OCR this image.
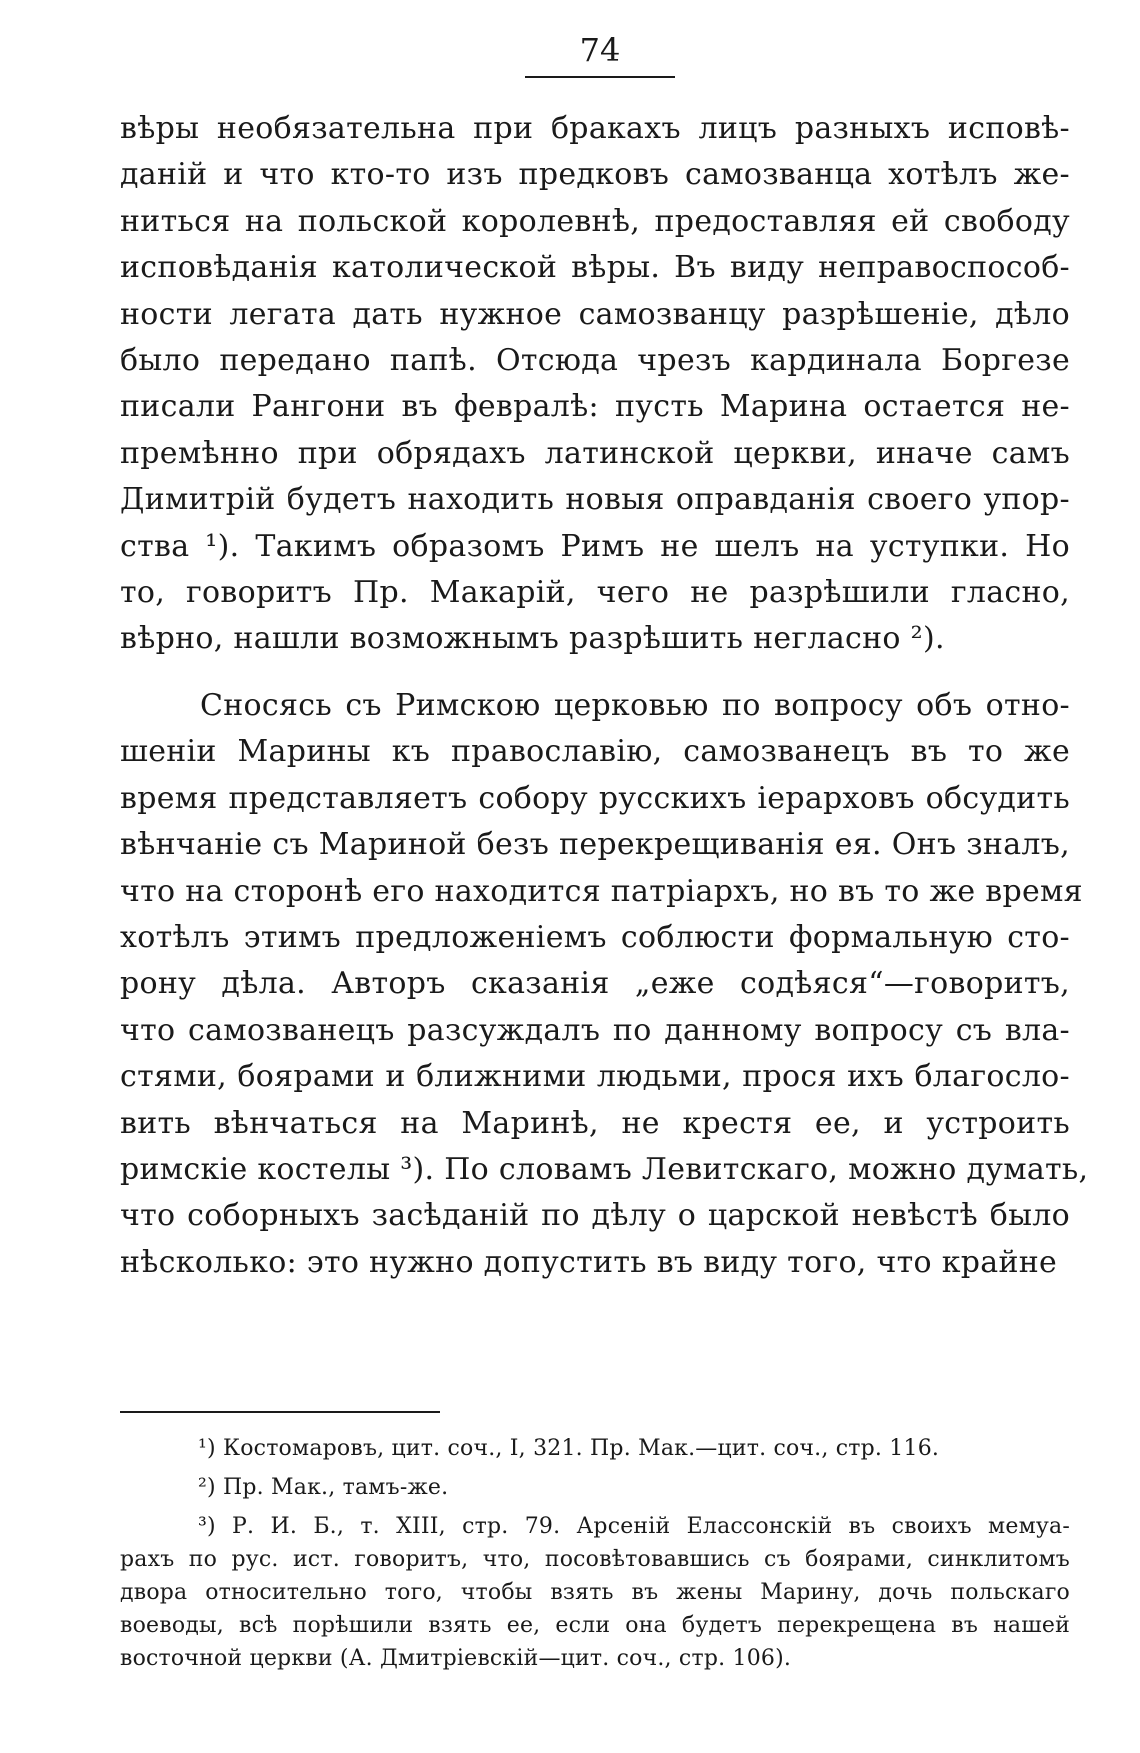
74

вѣры необязательна при бракахъ лицъ разныхъ исповѣ-
даній и что кто-то изъ предковъ самозванца хотѣлъ же-
ниться на польской королевнѣ, предоставляя ей свободу
исповѣданія католической вѣры. Въ виду неправоспособ-
ности легата дать нужное самозванцу разрѣшеніе, дѣло
было передано папѣ. Отсюда чрезъ кардинала Боргезе
писали Рангони въ февралѣ: пусть Марина остается не-
премѣнно при обрядахъ латинской церкви, иначе самъ
Димитрій будетъ находить новыя оправданія своего упор-
ства ¹). Такимъ образомъ Римъ не шелъ на уступки. Но
то, говоритъ Пр. Макарій, чего не разрѣшили гласно,
вѣрно, нашли возможнымъ разрѣшить негласно ²).

Сносясь съ Римскою церковью по вопросу объ отно-
шеніи Марины къ православію, самозванецъ въ то же
время представляетъ собору русскихъ іерарховъ обсудить
вѣнчаніе съ Мариной безъ перекрещиванія ея. Онъ зналъ,
что на сторонѣ его находится патріархъ, но въ то же время
хотѣлъ этимъ предложеніемъ соблюсти формальную сто-
рону дѣла. Авторъ сказанія „еже содѣяся“—говоритъ,
что самозванецъ разсуждалъ по данному вопросу съ вла-
стями, боярами и ближними людьми, прося ихъ благосло-
вить вѣнчаться на Маринѣ, не крестя ее, и устроить
римскіе костелы ³). По словамъ Левитскаго, можно думать,
что соборныхъ засѣданій по дѣлу о царской невѣстѣ было
нѣсколько: это нужно допустить въ виду того, что крайне

¹) Костомаровъ, цит. соч., I, 321. Пр. Мак.—цит. соч., стр. 116.

²) Пр. Мак., тамъ-же.

³) Р. И. Б., т. XIII, стр. 79. Арсеній Елассонскій въ своихъ мемуа-
рахъ по рус. ист. говоритъ, что, посовѣтовавшись съ боярами, синклитомъ
двора относительно того, чтобы взять въ жены Марину, дочь польскаго
воеводы, всѣ порѣшили взять ее, если она будетъ перекрещена въ нашей
восточной церкви (А. Дмитріевскій—цит. соч., стр. 106).
